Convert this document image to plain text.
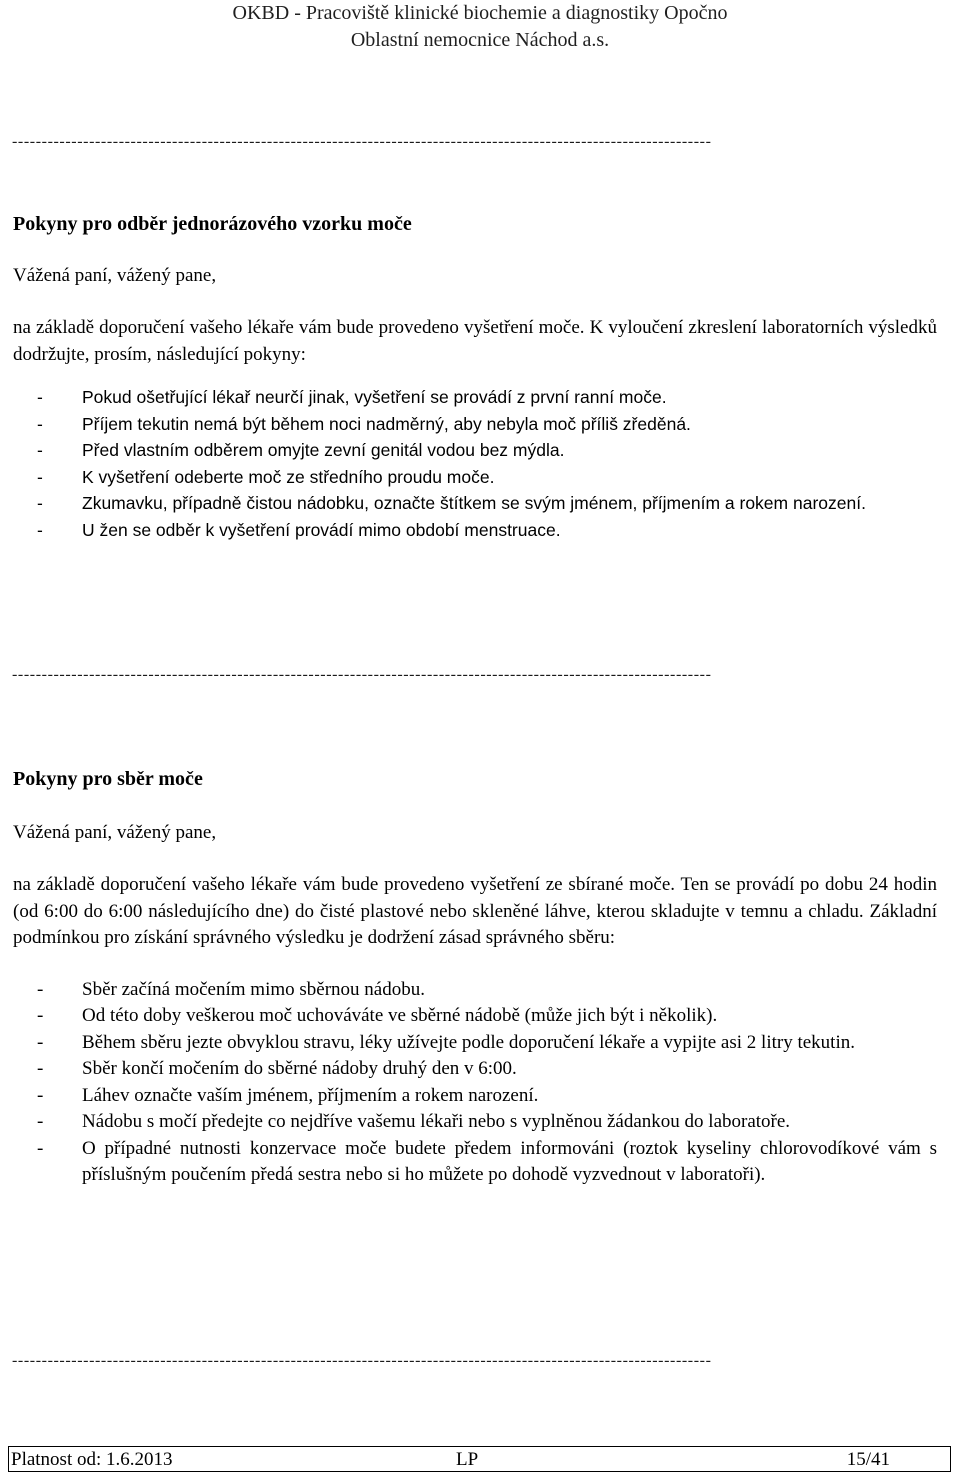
OKBD - Pracoviště klinické biochemie a diagnostiky Opočno
Oblastní nemocnice Náchod a.s.
----------------------------------------------------------------------------------------------------------------------
Pokyny pro odběr jednorázového vzorku moče
Vážená paní, vážený pane,
na základě doporučení vašeho lékaře vám bude provedeno vyšetření moče. K vyloučení zkreslení laboratorních výsledků dodržujte, prosím, následující pokyny:
- Pokud ošetřující lékař neurčí jinak, vyšetření se provádí z první ranní moče.
- Příjem tekutin nemá být během noci nadměrný, aby nebyla moč příliš zředěná.
- Před vlastním odběrem omyjte zevní genitál vodou bez mýdla.
- K vyšetření odeberte moč ze středního proudu moče.
- Zkumavku, případně čistou nádobku, označte štítkem se svým jménem, příjmením a rokem narození.
- U žen se odběr k vyšetření provádí mimo období menstruace.
----------------------------------------------------------------------------------------------------------------------
Pokyny pro sběr moče
Vážená paní, vážený pane,
na základě doporučení vašeho lékaře vám bude provedeno vyšetření ze sbírané moče. Ten se provádí po dobu 24 hodin (od 6:00 do 6:00 následujícího dne) do čisté plastové nebo skleněné láhve, kterou skladujte v temnu a chladu. Základní podmínkou pro získání správného výsledku je dodržení zásad správného sběru:
- Sběr začíná močením mimo sběrnou nádobu.
- Od této doby veškerou moč uchováváte ve sběrné nádobě (může jich být i několik).
- Během sběru jezte obvyklou stravu, léky užívejte podle doporučení lékaře a vypijte asi 2 litry tekutin.
- Sběr končí močením do sběrné nádoby druhý den v 6:00.
- Láhev označte vaším jménem, příjmením a rokem narození.
- Nádobu s močí předejte co nejdříve vašemu lékaři nebo s vyplněnou žádankou do laboratoře.
- O případné nutnosti konzervace moče budete předem informováni (roztok kyseliny chlorovodíkové vám s příslušným poučením předá sestra nebo si ho můžete po dohodě vyzvednout v laboratoři).
----------------------------------------------------------------------------------------------------------------------
Platnost od: 1.6.2013	LP	15/41
